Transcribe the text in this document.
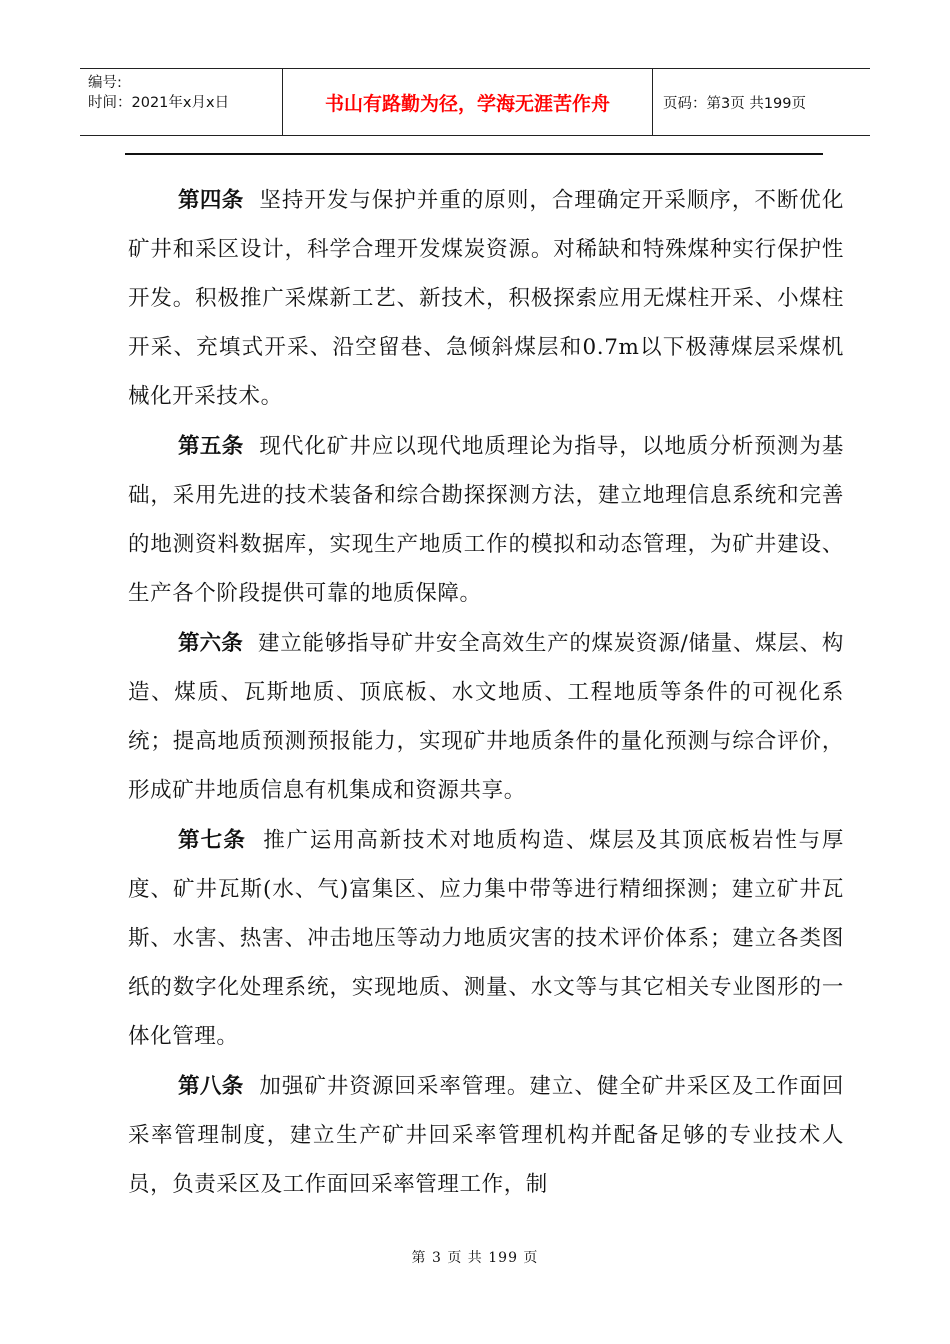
编号:
时间：2021年x月x日	书山有路勤为径，学海无涯苦作舟	页码：第3页 共199页

第四条 坚持开发与保护并重的原则，合理确定开采顺序，不断优化矿井和采区设计，科学合理开发煤炭资源。对稀缺和特殊煤种实行保护性开发。积极推广采煤新工艺、新技术，积极探索应用无煤柱开采、小煤柱开采、充填式开采、沿空留巷、急倾斜煤层和0.7m以下极薄煤层采煤机械化开采技术。

第五条 现代化矿井应以现代地质理论为指导，以地质分析预测为基础，采用先进的技术装备和综合勘探探测方法，建立地理信息系统和完善的地测资料数据库，实现生产地质工作的模拟和动态管理，为矿井建设、生产各个阶段提供可靠的地质保障。

第六条 建立能够指导矿井安全高效生产的煤炭资源/储量、煤层、构造、煤质、瓦斯地质、顶底板、水文地质、工程地质等条件的可视化系统；提高地质预测预报能力，实现矿井地质条件的量化预测与综合评价，形成矿井地质信息有机集成和资源共享。

第七条 推广运用高新技术对地质构造、煤层及其顶底板岩性与厚度、矿井瓦斯(水、气)富集区、应力集中带等进行精细探测；建立矿井瓦斯、水害、热害、冲击地压等动力地质灾害的技术评价体系；建立各类图纸的数字化处理系统，实现地质、测量、水文等与其它相关专业图形的一体化管理。

第八条 加强矿井资源回采率管理。建立、健全矿井采区及工作面回采率管理制度，建立生产矿井回采率管理机构并配备足够的专业技术人员，负责采区及工作面回采率管理工作，制

第 3 页 共 199 页
